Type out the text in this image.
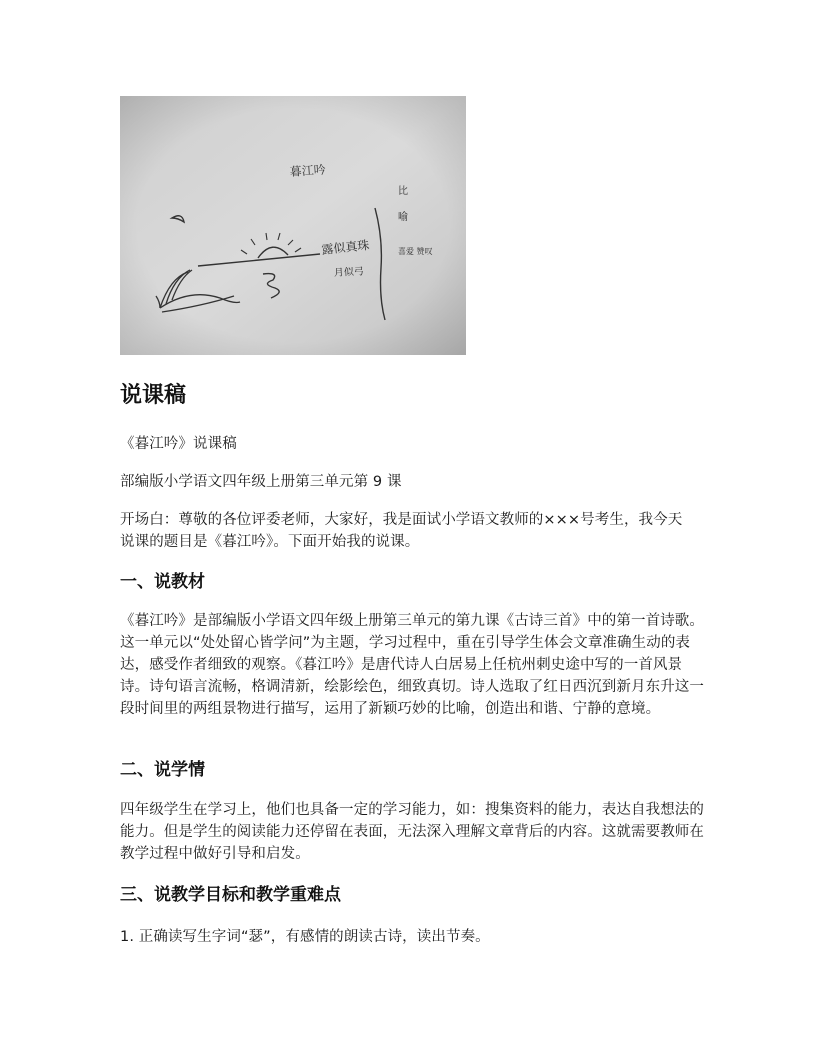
暮江吟
露似真珠
月似弓
比
喻
喜爱 赞叹
说课稿

《暮江吟》说课稿

部编版小学语文四年级上册第三单元第 9 课

开场白：尊敬的各位评委老师，大家好，我是面试小学语文教师的×××号考生，我今天说课的题目是《暮江吟》。下面开始我的说课。

一、说教材

《暮江吟》是部编版小学语文四年级上册第三单元的第九课《古诗三首》中的第一首诗歌。这一单元以“处处留心皆学问”为主题，学习过程中，重在引导学生体会文章准确生动的表达，感受作者细致的观察。《暮江吟》是唐代诗人白居易上任杭州刺史途中写的一首风景诗。诗句语言流畅，格调清新，绘影绘色，细致真切。诗人选取了红日西沉到新月东升这一段时间里的两组景物进行描写，运用了新颖巧妙的比喻，创造出和谐、宁静的意境。

二、说学情

四年级学生在学习上，他们也具备一定的学习能力，如：搜集资料的能力，表达自我想法的能力。但是学生的阅读能力还停留在表面，无法深入理解文章背后的内容。这就需要教师在教学过程中做好引导和启发。

三、说教学目标和教学重难点

1. 正确读写生字词“瑟”，有感情的朗读古诗，读出节奏。
